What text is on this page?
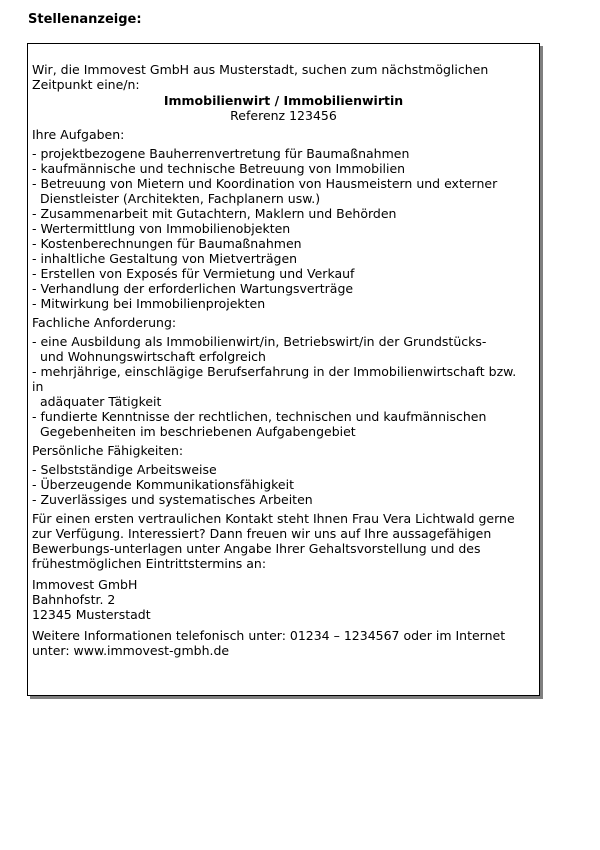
Stellenanzeige:
Wir, die Immovest GmbH aus Musterstadt, suchen zum nächstmöglichen
Zeitpunkt eine/n:
Immobilienwirt / Immobilienwirtin
Referenz 123456
Ihre Aufgaben:
- projektbezogene Bauherrenvertretung für Baumaßnahmen
- kaufmännische und technische Betreuung von Immobilien
- Betreuung von Mietern und Koordination von Hausmeistern und externer
Dienstleister (Architekten, Fachplanern usw.)
- Zusammenarbeit mit Gutachtern, Maklern und Behörden
- Wertermittlung von Immobilienobjekten
- Kostenberechnungen für Baumaßnahmen
- inhaltliche Gestaltung von Mietverträgen
- Erstellen von Exposés für Vermietung und Verkauf
- Verhandlung der erforderlichen Wartungsverträge
- Mitwirkung bei Immobilienprojekten
Fachliche Anforderung:
- eine Ausbildung als Immobilienwirt/in, Betriebswirt/in der Grundstücks-
und Wohnungswirtschaft erfolgreich
- mehrjährige, einschlägige Berufserfahrung in der Immobilienwirtschaft bzw.
in
adäquater Tätigkeit
- fundierte Kenntnisse der rechtlichen, technischen und kaufmännischen
Gegebenheiten im beschriebenen Aufgabengebiet
Persönliche Fähigkeiten:
- Selbstständige Arbeitsweise
- Überzeugende Kommunikationsfähigkeit
- Zuverlässiges und systematisches Arbeiten
Für einen ersten vertraulichen Kontakt steht Ihnen Frau Vera Lichtwald gerne
zur Verfügung. Interessiert? Dann freuen wir uns auf Ihre aussagefähigen
Bewerbungs-unterlagen unter Angabe Ihrer Gehaltsvorstellung und des
frühestmöglichen Eintrittstermins an:
Immovest GmbH
Bahnhofstr. 2
12345 Musterstadt
Weitere Informationen telefonisch unter: 01234 – 1234567 oder im Internet
unter: www.immovest-gmbh.de
